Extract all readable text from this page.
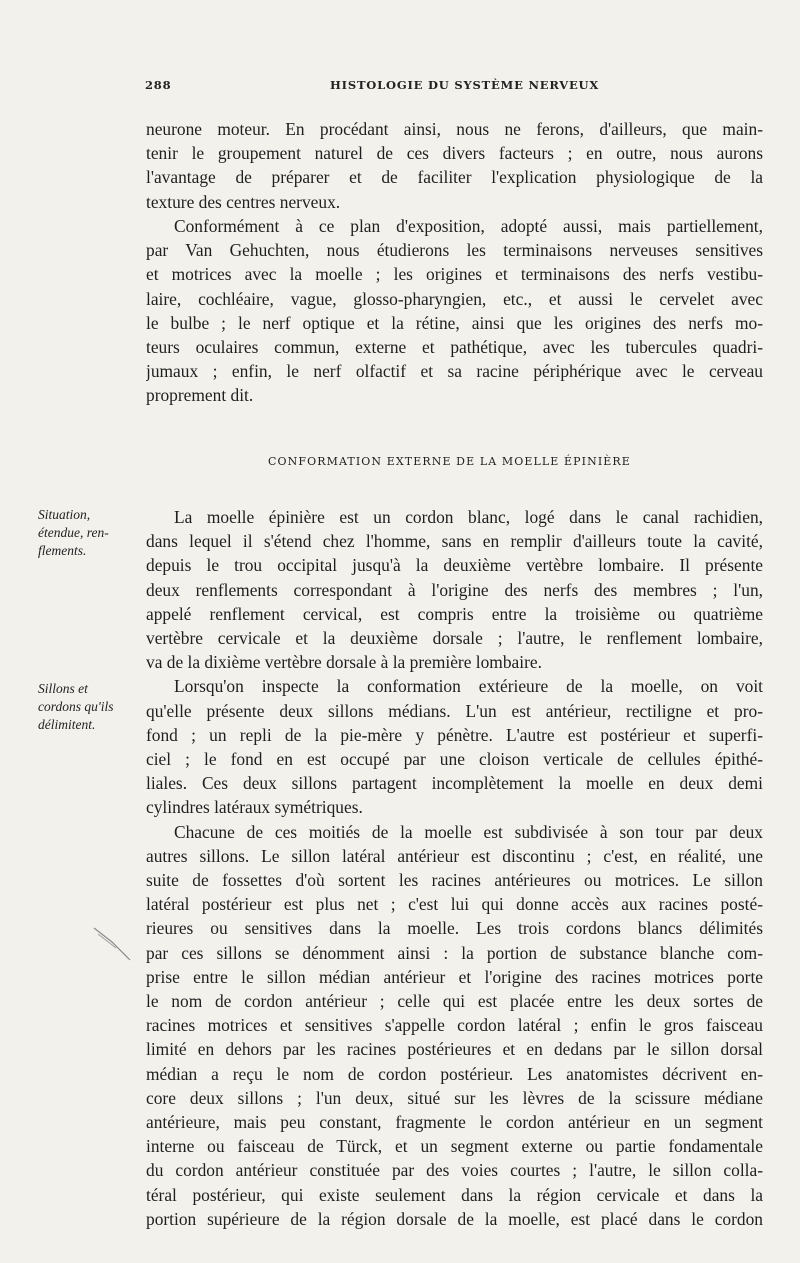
288	HISTOLOGIE DU SYSTÈME NERVEUX
neurone moteur. En procédant ainsi, nous ne ferons, d'ailleurs, que main-
tenir le groupement naturel de ces divers facteurs ; en outre, nous aurons
l'avantage de préparer et de faciliter l'explication physiologique de la
texture des centres nerveux.
Conformément à ce plan d'exposition, adopté aussi, mais partiellement,
par Van Gehuchten, nous étudierons les terminaisons nerveuses sensitives
et motrices avec la moelle ; les origines et terminaisons des nerfs vestibu-
laire, cochléaire, vague, glosso-pharyngien, etc., et aussi le cervelet avec
le bulbe ; le nerf optique et la rétine, ainsi que les origines des nerfs mo-
teurs oculaires commun, externe et pathétique, avec les tubercules quadri-
jumaux ; enfin, le nerf olfactif et sa racine périphérique avec le cerveau
proprement dit.
CONFORMATION EXTERNE DE LA MOELLE ÉPINIÈRE
Situation,
étendue, ren-
flements.
Sillons et
cordons qu'ils
délimitent.
La moelle épinière est un cordon blanc, logé dans le canal rachidien,
dans lequel il s'étend chez l'homme, sans en remplir d'ailleurs toute la cavité,
depuis le trou occipital jusqu'à la deuxième vertèbre lombaire. Il présente
deux renflements correspondant à l'origine des nerfs des membres ; l'un,
appelé renflement cervical, est compris entre la troisième ou quatrième
vertèbre cervicale et la deuxième dorsale ; l'autre, le renflement lombaire,
va de la dixième vertèbre dorsale à la première lombaire.
Lorsqu'on inspecte la conformation extérieure de la moelle, on voit
qu'elle présente deux sillons médians. L'un est antérieur, rectiligne et pro-
fond ; un repli de la pie-mère y pénètre. L'autre est postérieur et superfi-
ciel ; le fond en est occupé par une cloison verticale de cellules épithé-
liales. Ces deux sillons partagent incomplètement la moelle en deux demi
cylindres latéraux symétriques.
Chacune de ces moitiés de la moelle est subdivisée à son tour par deux
autres sillons. Le sillon latéral antérieur est discontinu ; c'est, en réalité, une
suite de fossettes d'où sortent les racines antérieures ou motrices. Le sillon
latéral postérieur est plus net ; c'est lui qui donne accès aux racines posté-
rieures ou sensitives dans la moelle. Les trois cordons blancs délimités
par ces sillons se dénomment ainsi : la portion de substance blanche com-
prise entre le sillon médian antérieur et l'origine des racines motrices porte
le nom de cordon antérieur ; celle qui est placée entre les deux sortes de
racines motrices et sensitives s'appelle cordon latéral ; enfin le gros faisceau
limité en dehors par les racines postérieures et en dedans par le sillon dorsal
médian a reçu le nom de cordon postérieur. Les anatomistes décrivent en-
core deux sillons ; l'un deux, situé sur les lèvres de la scissure médiane
antérieure, mais peu constant, fragmente le cordon antérieur en un segment
interne ou faisceau de Türck, et un segment externe ou partie fondamentale
du cordon antérieur constituée par des voies courtes ; l'autre, le sillon colla-
téral postérieur, qui existe seulement dans la région cervicale et dans la
portion supérieure de la région dorsale de la moelle, est placé dans le cordon
